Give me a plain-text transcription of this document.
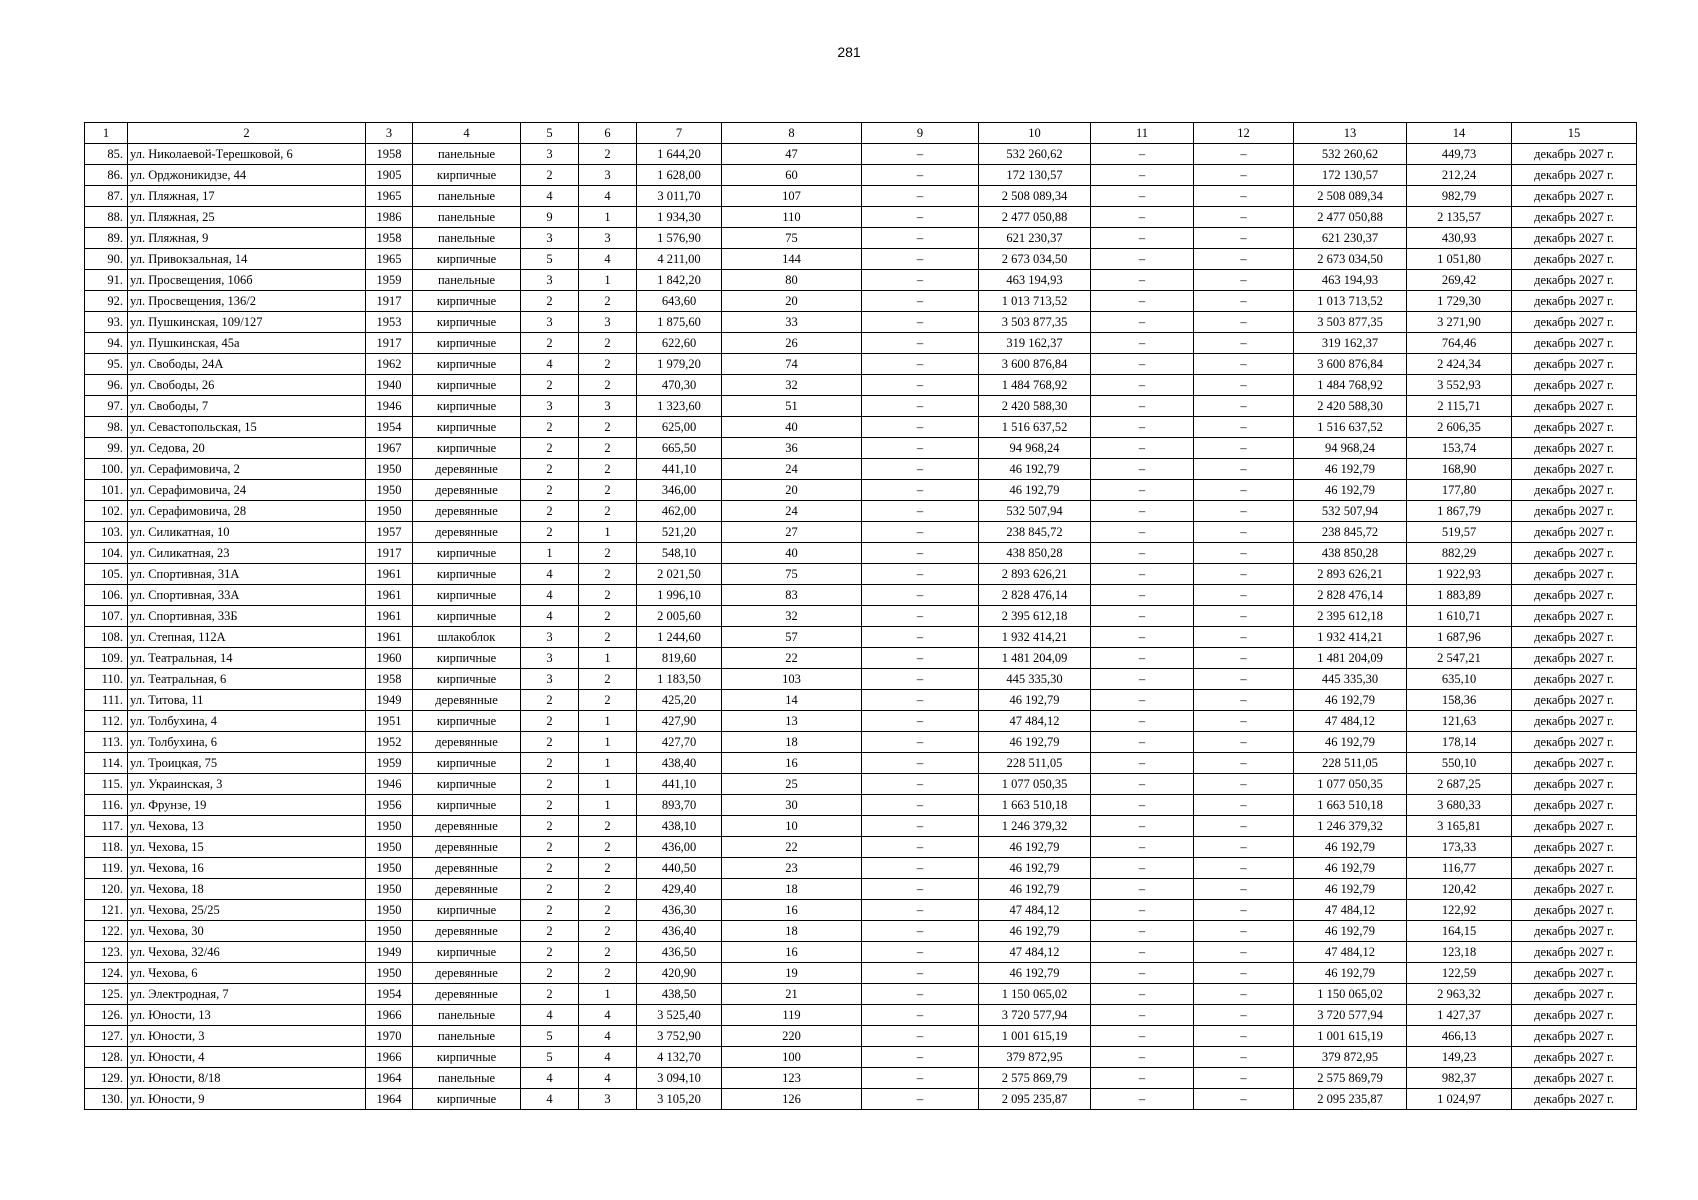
281
1	2	3	4	5	6	7	8	9	10	11	12	13	14	15
85.	ул. Николаевой-Терешковой, 6	1958	панельные	3	2	1 644,20	47	–	532 260,62	–	–	532 260,62	449,73	декабрь 2027 г.
86.	ул. Орджоникидзе, 44	1905	кирпичные	2	3	1 628,00	60	–	172 130,57	–	–	172 130,57	212,24	декабрь 2027 г.
87.	ул. Пляжная, 17	1965	панельные	4	4	3 011,70	107	–	2 508 089,34	–	–	2 508 089,34	982,79	декабрь 2027 г.
88.	ул. Пляжная, 25	1986	панельные	9	1	1 934,30	110	–	2 477 050,88	–	–	2 477 050,88	2 135,57	декабрь 2027 г.
89.	ул. Пляжная, 9	1958	панельные	3	3	1 576,90	75	–	621 230,37	–	–	621 230,37	430,93	декабрь 2027 г.
90.	ул. Привокзальная, 14	1965	кирпичные	5	4	4 211,00	144	–	2 673 034,50	–	–	2 673 034,50	1 051,80	декабрь 2027 г.
91.	ул. Просвещения, 106б	1959	панельные	3	1	1 842,20	80	–	463 194,93	–	–	463 194,93	269,42	декабрь 2027 г.
92.	ул. Просвещения, 136/2	1917	кирпичные	2	2	643,60	20	–	1 013 713,52	–	–	1 013 713,52	1 729,30	декабрь 2027 г.
93.	ул. Пушкинская, 109/127	1953	кирпичные	3	3	1 875,60	33	–	3 503 877,35	–	–	3 503 877,35	3 271,90	декабрь 2027 г.
94.	ул. Пушкинская, 45а	1917	кирпичные	2	2	622,60	26	–	319 162,37	–	–	319 162,37	764,46	декабрь 2027 г.
95.	ул. Свободы, 24А	1962	кирпичные	4	2	1 979,20	74	–	3 600 876,84	–	–	3 600 876,84	2 424,34	декабрь 2027 г.
96.	ул. Свободы, 26	1940	кирпичные	2	2	470,30	32	–	1 484 768,92	–	–	1 484 768,92	3 552,93	декабрь 2027 г.
97.	ул. Свободы, 7	1946	кирпичные	3	3	1 323,60	51	–	2 420 588,30	–	–	2 420 588,30	2 115,71	декабрь 2027 г.
98.	ул. Севастопольская, 15	1954	кирпичные	2	2	625,00	40	–	1 516 637,52	–	–	1 516 637,52	2 606,35	декабрь 2027 г.
99.	ул. Седова, 20	1967	кирпичные	2	2	665,50	36	–	94 968,24	–	–	94 968,24	153,74	декабрь 2027 г.
100.	ул. Серафимовича, 2	1950	деревянные	2	2	441,10	24	–	46 192,79	–	–	46 192,79	168,90	декабрь 2027 г.
101.	ул. Серафимовича, 24	1950	деревянные	2	2	346,00	20	–	46 192,79	–	–	46 192,79	177,80	декабрь 2027 г.
102.	ул. Серафимовича, 28	1950	деревянные	2	2	462,00	24	–	532 507,94	–	–	532 507,94	1 867,79	декабрь 2027 г.
103.	ул. Силикатная, 10	1957	деревянные	2	1	521,20	27	–	238 845,72	–	–	238 845,72	519,57	декабрь 2027 г.
104.	ул. Силикатная, 23	1917	кирпичные	1	2	548,10	40	–	438 850,28	–	–	438 850,28	882,29	декабрь 2027 г.
105.	ул. Спортивная, 31А	1961	кирпичные	4	2	2 021,50	75	–	2 893 626,21	–	–	2 893 626,21	1 922,93	декабрь 2027 г.
106.	ул. Спортивная, 33А	1961	кирпичные	4	2	1 996,10	83	–	2 828 476,14	–	–	2 828 476,14	1 883,89	декабрь 2027 г.
107.	ул. Спортивная, 33Б	1961	кирпичные	4	2	2 005,60	32	–	2 395 612,18	–	–	2 395 612,18	1 610,71	декабрь 2027 г.
108.	ул. Степная, 112А	1961	шлакоблок	3	2	1 244,60	57	–	1 932 414,21	–	–	1 932 414,21	1 687,96	декабрь 2027 г.
109.	ул. Театральная, 14	1960	кирпичные	3	1	819,60	22	–	1 481 204,09	–	–	1 481 204,09	2 547,21	декабрь 2027 г.
110.	ул. Театральная, 6	1958	кирпичные	3	2	1 183,50	103	–	445 335,30	–	–	445 335,30	635,10	декабрь 2027 г.
111.	ул. Титова, 11	1949	деревянные	2	2	425,20	14	–	46 192,79	–	–	46 192,79	158,36	декабрь 2027 г.
112.	ул. Толбухина, 4	1951	кирпичные	2	1	427,90	13	–	47 484,12	–	–	47 484,12	121,63	декабрь 2027 г.
113.	ул. Толбухина, 6	1952	деревянные	2	1	427,70	18	–	46 192,79	–	–	46 192,79	178,14	декабрь 2027 г.
114.	ул. Троицкая, 75	1959	кирпичные	2	1	438,40	16	–	228 511,05	–	–	228 511,05	550,10	декабрь 2027 г.
115.	ул. Украинская, 3	1946	кирпичные	2	1	441,10	25	–	1 077 050,35	–	–	1 077 050,35	2 687,25	декабрь 2027 г.
116.	ул. Фрунзе, 19	1956	кирпичные	2	1	893,70	30	–	1 663 510,18	–	–	1 663 510,18	3 680,33	декабрь 2027 г.
117.	ул. Чехова, 13	1950	деревянные	2	2	438,10	10	–	1 246 379,32	–	–	1 246 379,32	3 165,81	декабрь 2027 г.
118.	ул. Чехова, 15	1950	деревянные	2	2	436,00	22	–	46 192,79	–	–	46 192,79	173,33	декабрь 2027 г.
119.	ул. Чехова, 16	1950	деревянные	2	2	440,50	23	–	46 192,79	–	–	46 192,79	116,77	декабрь 2027 г.
120.	ул. Чехова, 18	1950	деревянные	2	2	429,40	18	–	46 192,79	–	–	46 192,79	120,42	декабрь 2027 г.
121.	ул. Чехова, 25/25	1950	кирпичные	2	2	436,30	16	–	47 484,12	–	–	47 484,12	122,92	декабрь 2027 г.
122.	ул. Чехова, 30	1950	деревянные	2	2	436,40	18	–	46 192,79	–	–	46 192,79	164,15	декабрь 2027 г.
123.	ул. Чехова, 32/46	1949	кирпичные	2	2	436,50	16	–	47 484,12	–	–	47 484,12	123,18	декабрь 2027 г.
124.	ул. Чехова, 6	1950	деревянные	2	2	420,90	19	–	46 192,79	–	–	46 192,79	122,59	декабрь 2027 г.
125.	ул. Электродная, 7	1954	деревянные	2	1	438,50	21	–	1 150 065,02	–	–	1 150 065,02	2 963,32	декабрь 2027 г.
126.	ул. Юности, 13	1966	панельные	4	4	3 525,40	119	–	3 720 577,94	–	–	3 720 577,94	1 427,37	декабрь 2027 г.
127.	ул. Юности, 3	1970	панельные	5	4	3 752,90	220	–	1 001 615,19	–	–	1 001 615,19	466,13	декабрь 2027 г.
128.	ул. Юности, 4	1966	кирпичные	5	4	4 132,70	100	–	379 872,95	–	–	379 872,95	149,23	декабрь 2027 г.
129.	ул. Юности, 8/18	1964	панельные	4	4	3 094,10	123	–	2 575 869,79	–	–	2 575 869,79	982,37	декабрь 2027 г.
130.	ул. Юности, 9	1964	кирпичные	4	3	3 105,20	126	–	2 095 235,87	–	–	2 095 235,87	1 024,97	декабрь 2027 г.
